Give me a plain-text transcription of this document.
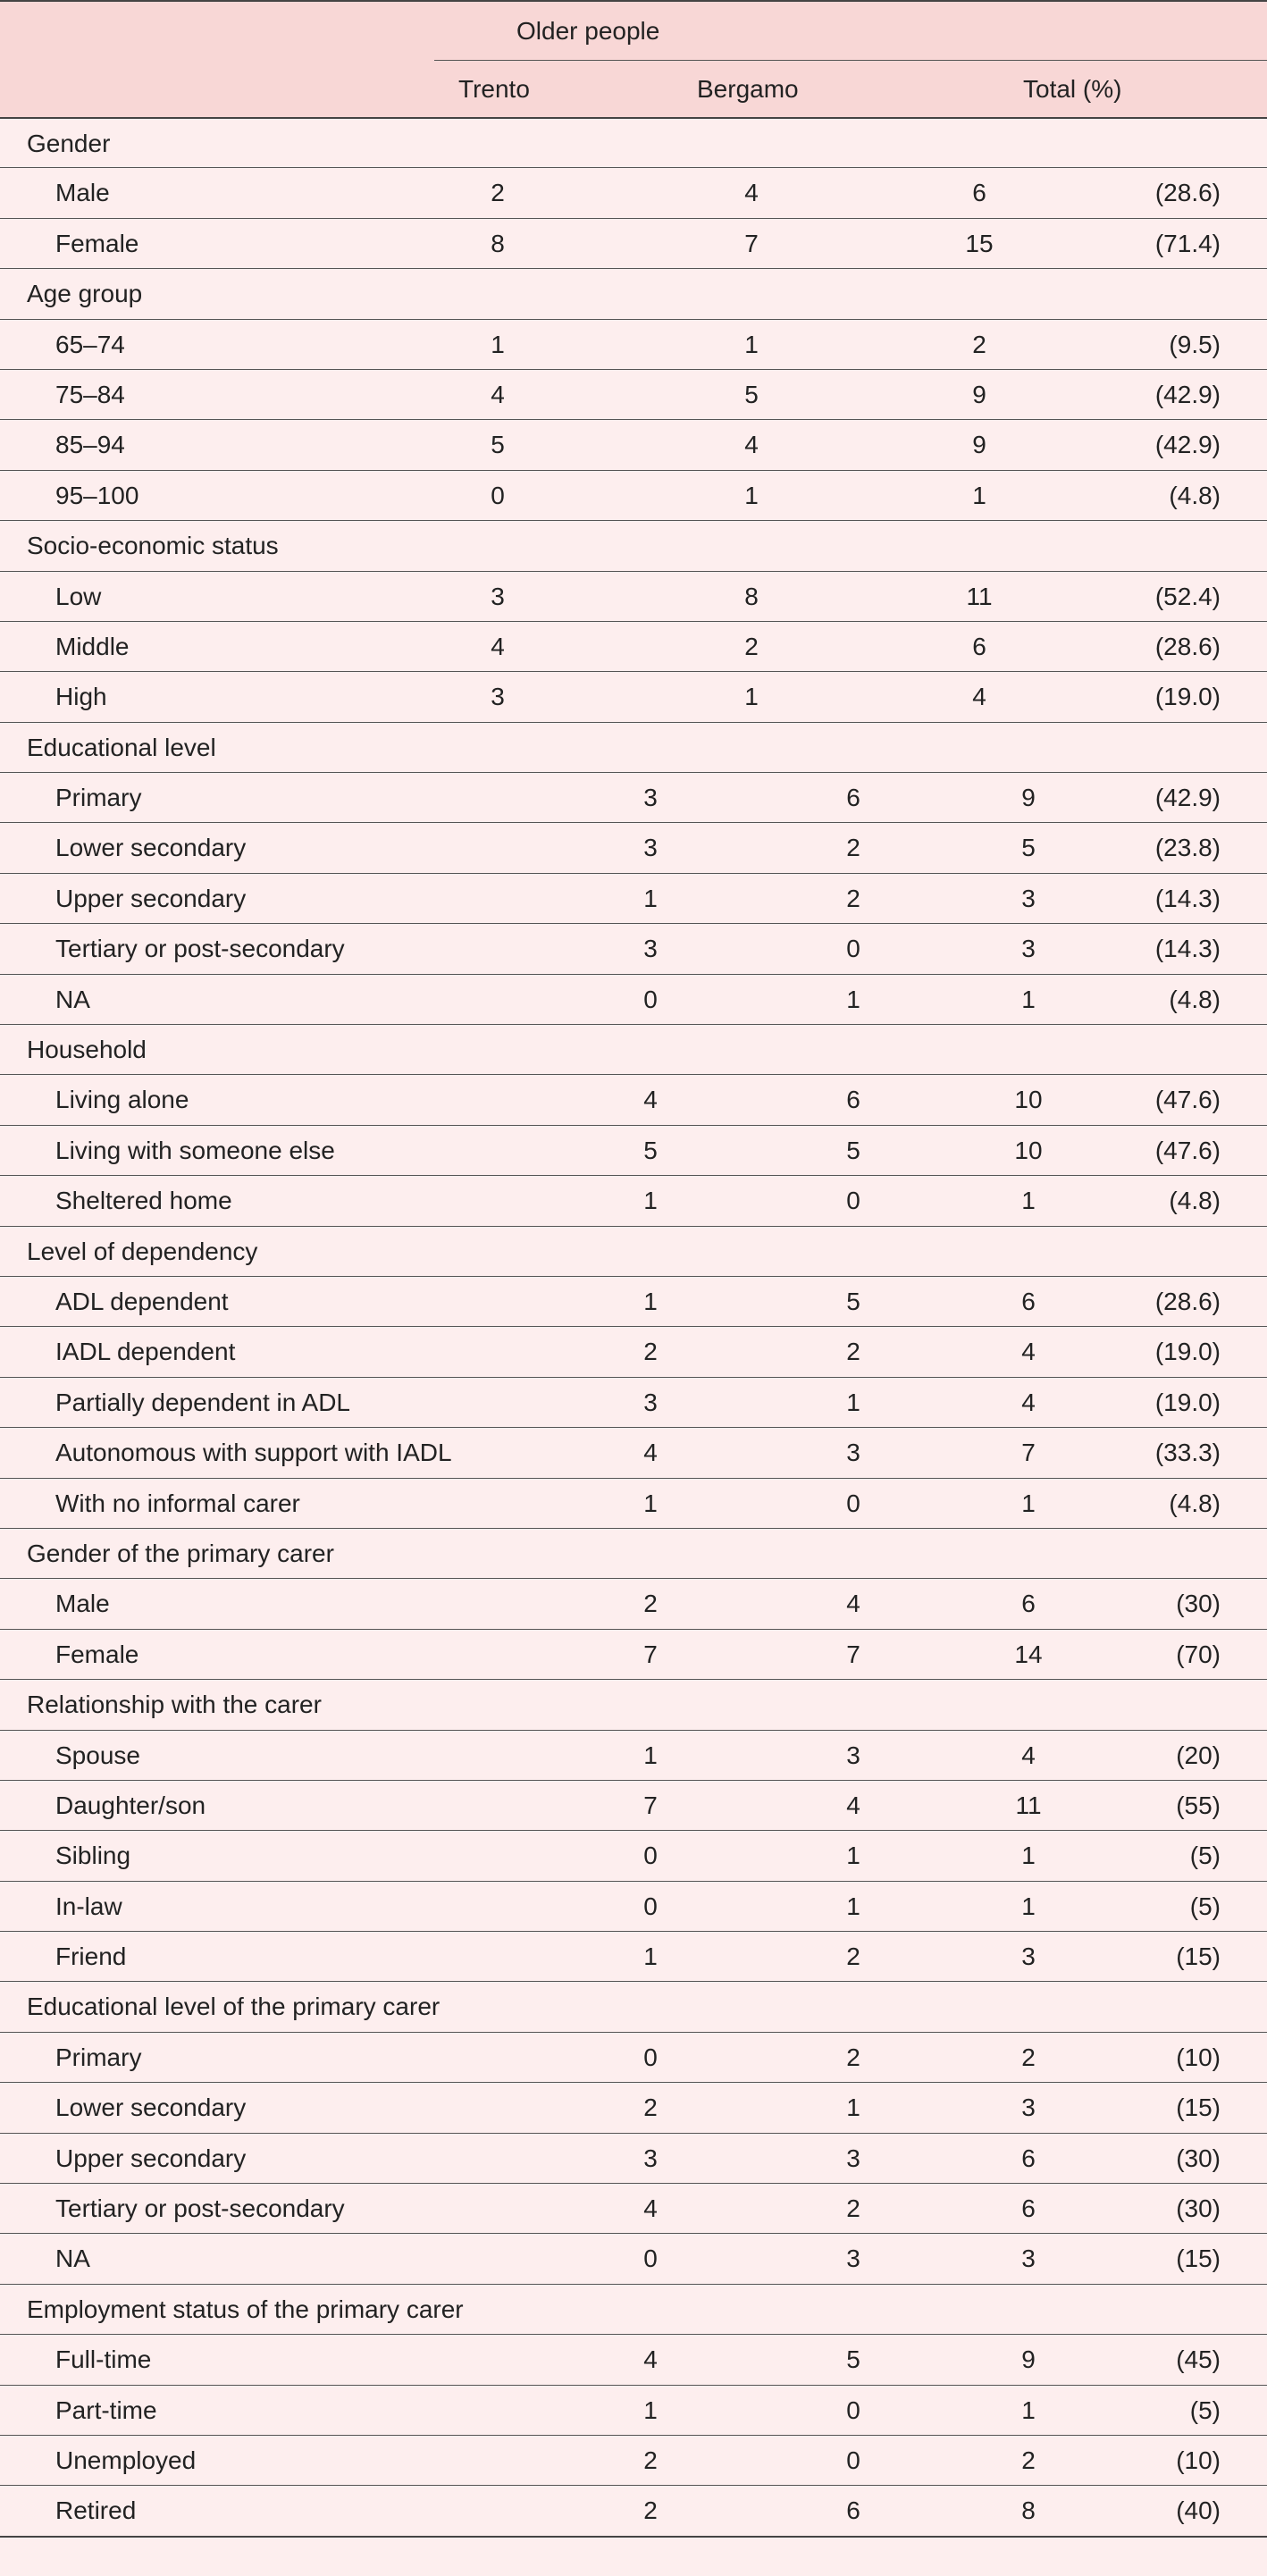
Older people
Trento	Bergamo	Total (%)
Gender
Male	2	4	6	(28.6)
Female	8	7	15	(71.4)
Age group
65–74	1	1	2	(9.5)
75–84	4	5	9	(42.9)
85–94	5	4	9	(42.9)
95–100	0	1	1	(4.8)
Socio-economic status
Low	3	8	11	(52.4)
Middle	4	2	6	(28.6)
High	3	1	4	(19.0)
Educational level
Primary	3	6	9	(42.9)
Lower secondary	3	2	5	(23.8)
Upper secondary	1	2	3	(14.3)
Tertiary or post-secondary	3	0	3	(14.3)
NA	0	1	1	(4.8)
Household
Living alone	4	6	10	(47.6)
Living with someone else	5	5	10	(47.6)
Sheltered home	1	0	1	(4.8)
Level of dependency
ADL dependent	1	5	6	(28.6)
IADL dependent	2	2	4	(19.0)
Partially dependent in ADL	3	1	4	(19.0)
Autonomous with support with IADL	4	3	7	(33.3)
With no informal carer	1	0	1	(4.8)
Gender of the primary carer
Male	2	4	6	(30)
Female	7	7	14	(70)
Relationship with the carer
Spouse	1	3	4	(20)
Daughter/son	7	4	11	(55)
Sibling	0	1	1	(5)
In-law	0	1	1	(5)
Friend	1	2	3	(15)
Educational level of the primary carer
Primary	0	2	2	(10)
Lower secondary	2	1	3	(15)
Upper secondary	3	3	6	(30)
Tertiary or post-secondary	4	2	6	(30)
NA	0	3	3	(15)
Employment status of the primary carer
Full-time	4	5	9	(45)
Part-time	1	0	1	(5)
Unemployed	2	0	2	(10)
Retired	2	6	8	(40)
